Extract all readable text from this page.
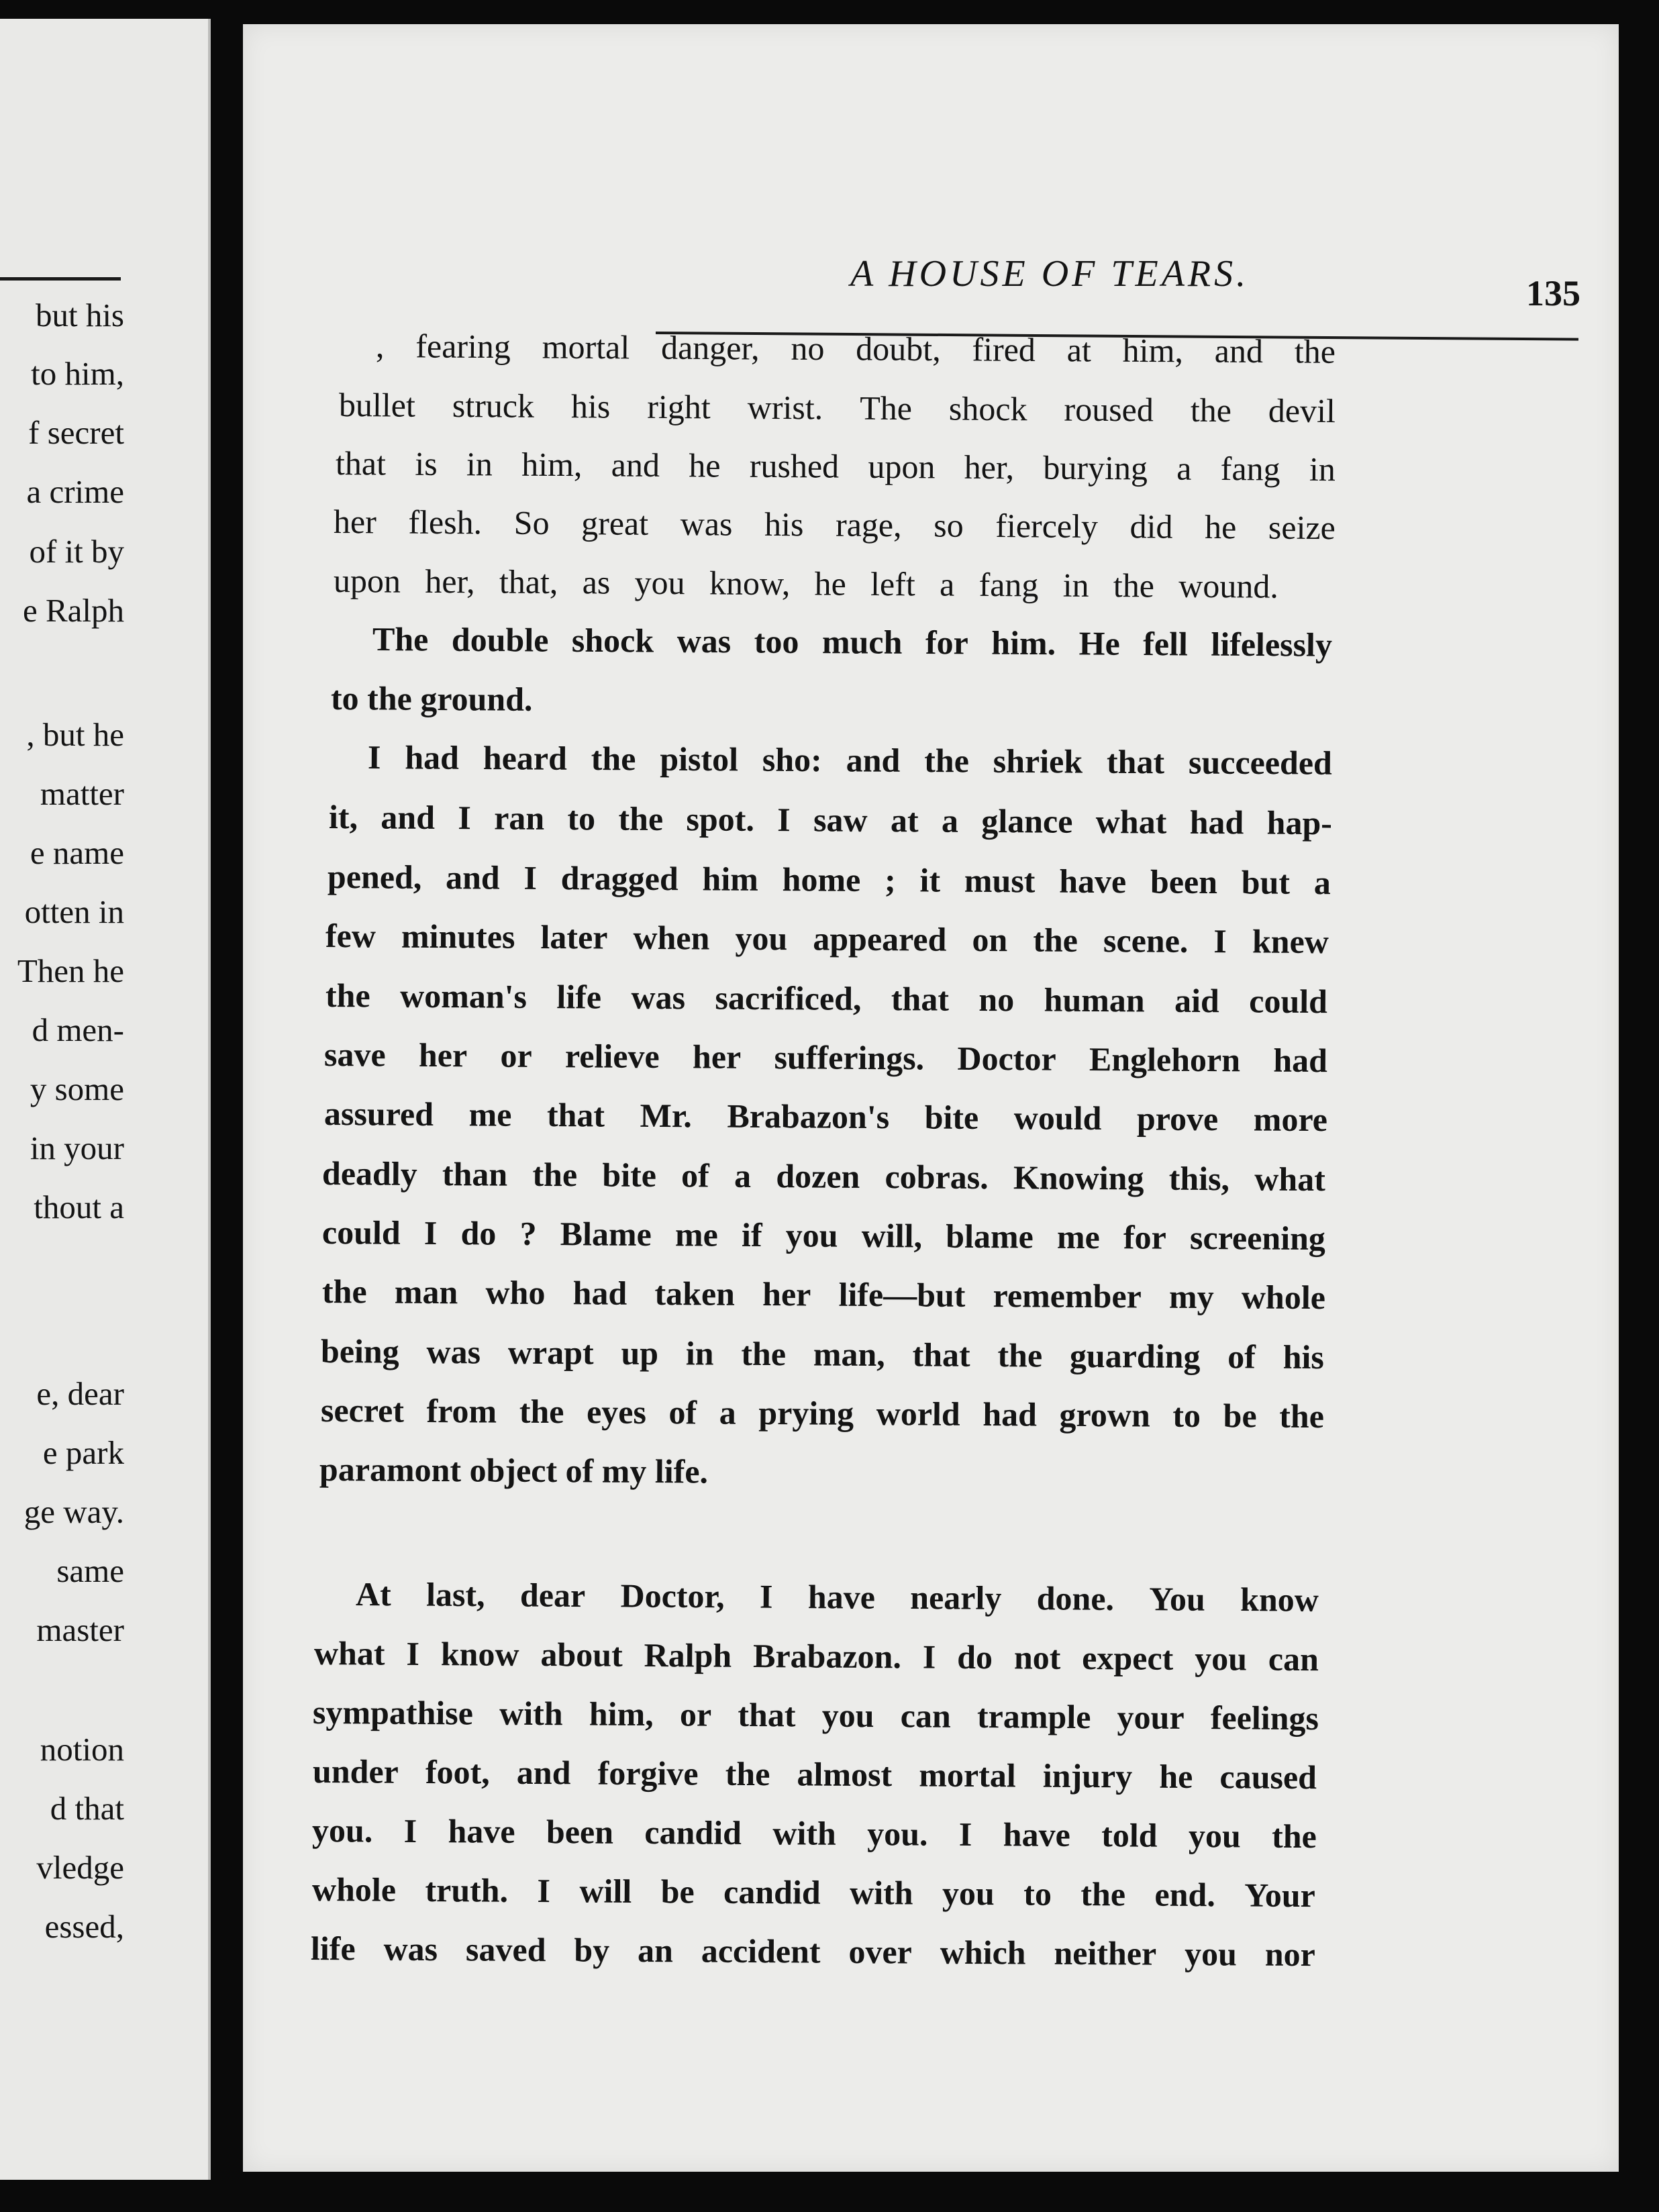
A HOUSE OF TEARS.	135
but his
to him,
f secret
a crime
of it by
e Ralph
, but he
matter
e name
otten in
Then he
d men-
y some
in your
thout a
e, dear
e park
ge way.
same
master
notion
d that
vledge
essed,
, fearing mortal danger, no doubt, fired at him, and the
bullet struck his right wrist. The shock roused the devil
that is in him, and he rushed upon her, burying a fang in
her flesh. So great was his rage, so fiercely did he seize
upon her, that, as you know, he left a fang in the wound.
The double shock was too much for him. He fell lifelessly
to the ground.
I had heard the pistol sho: and the shriek that succeeded
it, and I ran to the spot. I saw at a glance what had hap-
pened, and I dragged him home ; it must have been but a
few minutes later when you appeared on the scene. I knew
the woman's life was sacrificed, that no human aid could
save her or relieve her sufferings. Doctor Englehorn had
assured me that Mr. Brabazon's bite would prove more
deadly than the bite of a dozen cobras. Knowing this, what
could I do ? Blame me if you will, blame me for screening
the man who had taken her life—but remember my whole
being was wrapt up in the man, that the guarding of his
secret from the eyes of a prying world had grown to be the
paramont object of my life.
At last, dear Doctor, I have nearly done. You know
what I know about Ralph Brabazon. I do not expect you can
sympathise with him, or that you can trample your feelings
under foot, and forgive the almost mortal injury he caused
you. I have been candid with you. I have told you the
whole truth. I will be candid with you to the end. Your
life was saved by an accident over which neither you nor
